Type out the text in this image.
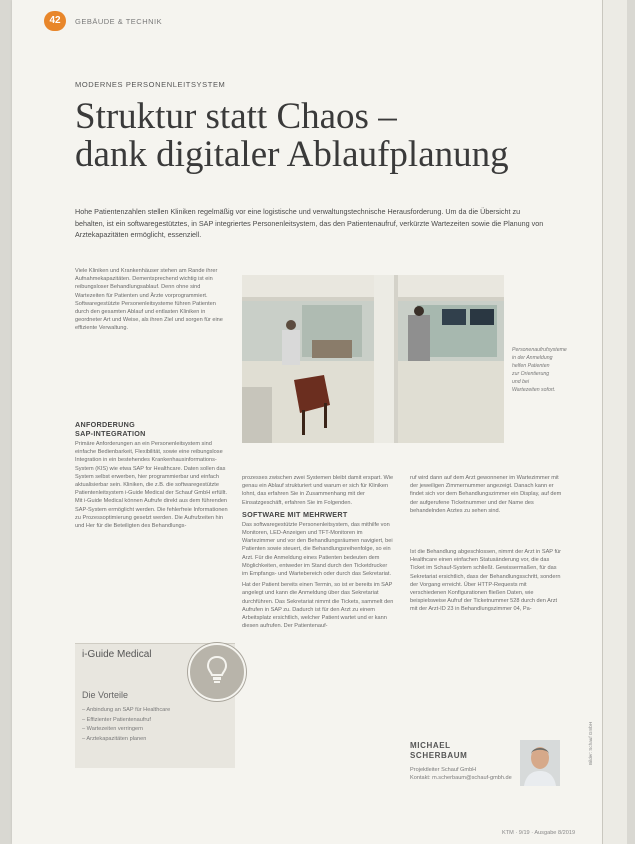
42	GEBÄUDE & TECHNIK
MODERNES PERSONENLEITSYSTEM
Struktur statt Chaos –
dank digitaler Ablaufplanung
Hohe Patientenzahlen stellen Kliniken regelmäßig vor eine logistische und verwaltungstechnische Herausforderung. Um da die Übersicht zu behalten, ist ein softwaregestütztes, in SAP integriertes Personenleitsystem, das den Patientenaufruf, verkürzte Wartezeiten sowie die Planung von Arztekapazitäten ermöglicht, essenziell.

Viele Kliniken und Krankenhäuser stehen am Rande ihrer Aufnahmekapazitäten. Dementsprechend wichtig ist ein reibungsloser Behandlungsablauf. Denn ohne sind Wartezeiten für Patienten und Ärzte vorprogrammiert. Softwaregestützte Personenleitsysteme führen Patienten durch den gesamten Ablauf und entlasten Kliniken in geordneter Art und Weise, als ihren Ziel und sorgen für eine effiziente Verwaltung.

ANFORDERUNG
SAP-INTEGRATION

Primäre Anforderungen an ein Personenleitsystem sind einfache Bedienbarkeit, Flexibilität, sowie eine reibungslose Integration in ein bestehendes Krankenhausinformations-System (KIS) wie etwa SAP for Healthcare. Daten sollen das System selbst erwerben, hier programmierbar und einfach aktualisierbar sein. Kliniken, die z.B. die softwaregestützte Patientenleitsystem i-Guide Medical der Schauf GmbH erfüllt. Mit i-Guide Medical können Aufrufe direkt aus dem führenden SAP-System ermöglicht werden. Die fehlerfreie Informationen zu Prozessoptimierung gesetzt werden. Die Aufrufzeiten hin und Her für die Beteiligten des Behandlungs-

Personenaufrufsysteme in der Anmeldung helfen Patienten zur Orientierung und bei Wartezeiten sofort.

prozesses zwischen zwei Systemen bleibt damit erspart. Wie genau ein Ablauf strukturiert und warum er sich für Kliniken lohnt, das erfahren Sie in Zusammenhang mit der Einsatzgeschäft, erfahren Sie im Folgenden.

SOFTWARE MIT MEHRWERT

Das softwaregestützte Personenleitsystem, das mithilfe von Monitoren, LED-Anzeigen und TFT-Monitoren im Wartezimmer und vor den Behandlungsräumen navigiert, bei Patienten sowie steuert, die Behandlungsreihenfolge, so ein Arzt. Für die Anmeldung eines Patienten bedeuten dem Möglichkeiten, entweder im Stand durch den Ticketdrucker im Empfangs- und Wartebereich oder durch das Sekretariat.

Hat der Patient bereits einen Termin, so ist er bereits im SAP angelegt und kann die Anmeldung über das Sekretariat durchführen. Das Sekretariat nimmt die Tickets, sammelt den Aufrufen in SAP zu. Dadurch ist für den Arzt zu einem Arbeitsplatz ersichtlich, welcher Patient wartet und er kann diesen aufrufen. Der Patientenauf-

ruf wird dann auf dem Arzt gewonnener im Wartezimmer mit der jeweiligen Zimmernummer angezeigt. Danach kann er findet sich vor dem Behandlungszimmer ein Display, auf dem der aufgerufene Ticketnummer und der Name des behandelnden Arztes zu sehen sind.

Ist die Behandlung abgeschlossen, nimmt der Arzt in SAP für Healthcare einen einfachen Statusänderung vor, die das Ticket im Schauf-System schließt. Gewissermaßen, für das Sekretariat ersichtlich, dass der Behandlungsschritt, sondern der Vorgang erreicht. Über HTTP-Requests mit verschiedenen Konfigurationen fließen Daten, wie beispielsweise Aufruf der Ticketnummer 528 durch den Arzt mit der Arzt-ID 23 in Behandlungszimmer 04, Pa-

i-Guide Medical
Die Vorteile
– Anbindung an SAP für Healthcare
– Effizienter Patientenaufruf
– Wartezeiten verringern
– Arztekapazitäten planen
MICHAEL
SCHERBAUM
Projektleiter Schauf GmbH
Kontakt: m.scherbaum@schauf-gmbh.de
Bilder: Schauf GmbH
KTM · 9/19 · Ausgabe 8/2019
